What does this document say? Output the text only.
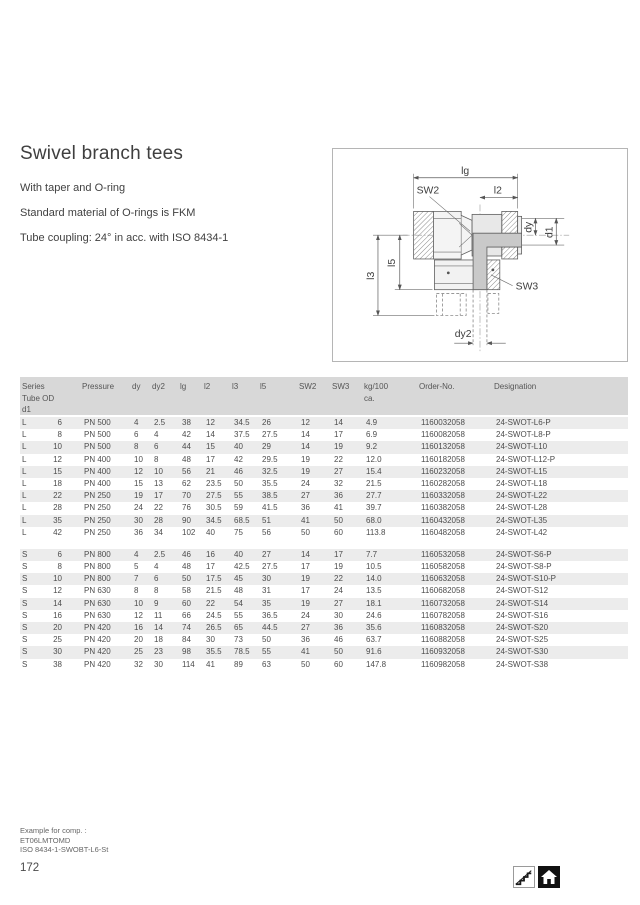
Swivel branch tees

With taper and O-ring

Standard material of O-rings is FKM

Tube coupling: 24° in acc. with ISO 8434-1

lg
l2
SW2
dy d1
l3
l5
SW3
dy2
Series
Tube OD
d1
Pressure	dy	dy2	lg	l2	l3	l5	SW2	SW3	kg/100
ca.
Order-No.	Designation
L	6	PN 500	4	2.5	38	12	34.5	26	12	14	4.9	1160032058	24-SWOT-L6-P
L	8	PN 500	6	4	42	14	37.5	27.5	14	17	6.9	1160082058	24-SWOT-L8-P
L	10	PN 500	8	6	44	15	40	29	14	19	9.2	1160132058	24-SWOT-L10
L	12	PN 400	10	8	48	17	42	29.5	19	22	12.0	1160182058	24-SWOT-L12-P
L	15	PN 400	12	10	56	21	46	32.5	19	27	15.4	1160232058	24-SWOT-L15
L	18	PN 400	15	13	62	23.5	50	35.5	24	32	21.5	1160282058	24-SWOT-L18
L	22	PN 250	19	17	70	27.5	55	38.5	27	36	27.7	1160332058	24-SWOT-L22
L	28	PN 250	24	22	76	30.5	59	41.5	36	41	39.7	1160382058	24-SWOT-L28
L	35	PN 250	30	28	90	34.5	68.5	51	41	50	68.0	1160432058	24-SWOT-L35
L	42	PN 250	36	34	102	40	75	56	50	60	113.8	1160482058	24-SWOT-L42
S	6	PN 800	4	2.5	46	16	40	27	14	17	7.7	1160532058	24-SWOT-S6-P
S	8	PN 800	5	4	48	17	42.5	27.5	17	19	10.5	1160582058	24-SWOT-S8-P
S	10	PN 800	7	6	50	17.5	45	30	19	22	14.0	1160632058	24-SWOT-S10-P
S	12	PN 630	8	8	58	21.5	48	31	17	24	13.5	1160682058	24-SWOT-S12
S	14	PN 630	10	9	60	22	54	35	19	27	18.1	1160732058	24-SWOT-S14
S	16	PN 630	12	11	66	24.5	55	36.5	24	30	24.6	1160782058	24-SWOT-S16
S	20	PN 420	16	14	74	26.5	65	44.5	27	36	35.6	1160832058	24-SWOT-S20
S	25	PN 420	20	18	84	30	73	50	36	46	63.7	1160882058	24-SWOT-S25
S	30	PN 420	25	23	98	35.5	78.5	55	41	50	91.6	1160932058	24-SWOT-S30
S	38	PN 420	32	30	114	41	89	63	50	60	147.8	1160982058	24-SWOT-S38
Example for comp. :
ET06LMTOMD
ISO 8434-1-SWOBT-L6-St
172
